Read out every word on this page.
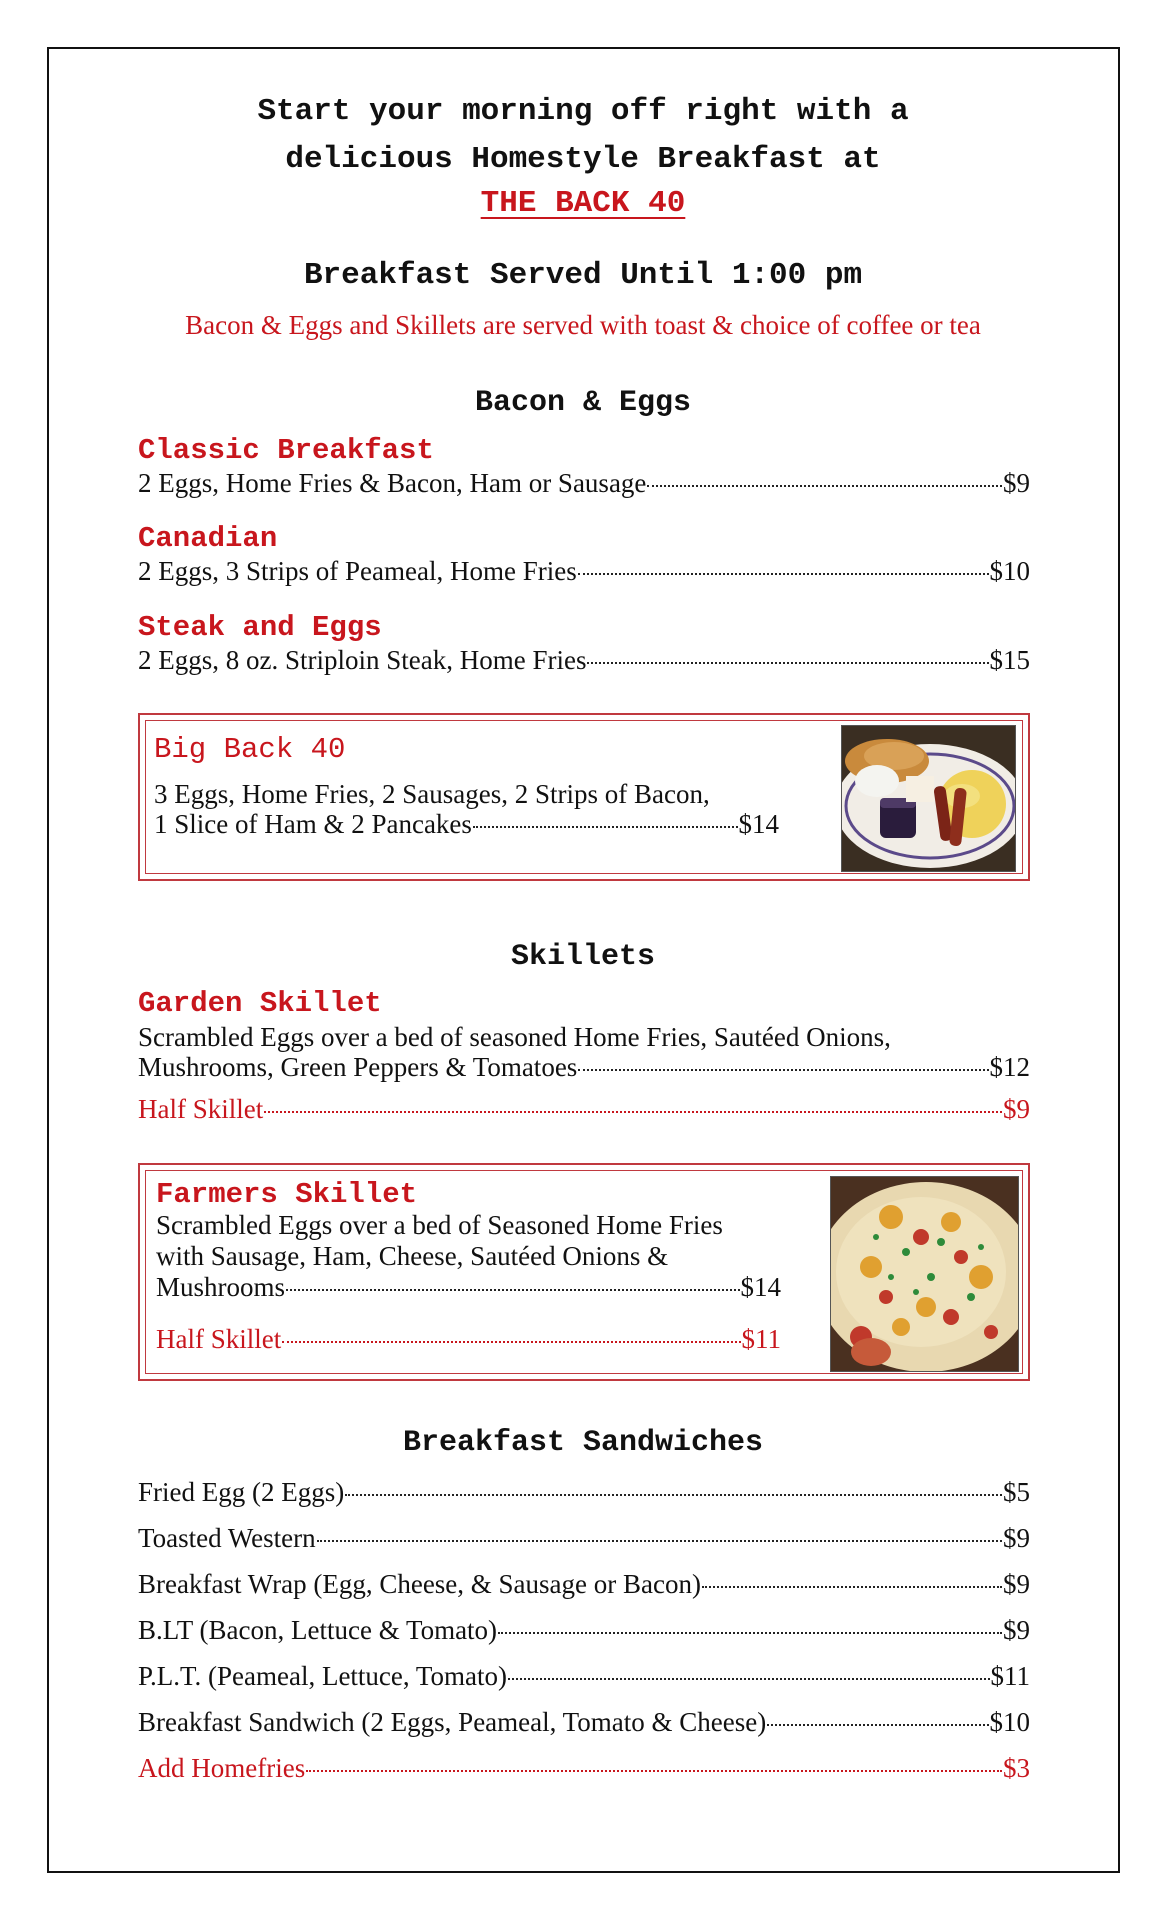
Start your morning off right with a
delicious Homestyle Breakfast at
THE BACK 40
Breakfast Served Until 1:00 pm
Bacon & Eggs and Skillets are served with toast & choice of coffee or tea
Bacon & Eggs
Classic Breakfast
2 Eggs, Home Fries & Bacon, Ham or Sausage	$9
Canadian
2 Eggs, 3 Strips of Peameal, Home Fries	$10
Steak and Eggs
2 Eggs, 8 oz. Striploin Steak, Home Fries	$15
Big Back 40
3 Eggs, Home Fries, 2 Sausages, 2 Strips of Bacon,
1 Slice of Ham & 2 Pancakes	$14
Skillets
Garden Skillet
Scrambled Eggs over a bed of seasoned Home Fries, Sautéed Onions,
Mushrooms, Green Peppers & Tomatoes	$12
Half Skillet	$9
Farmers Skillet
Scrambled Eggs over a bed of Seasoned Home Fries
with Sausage, Ham, Cheese, Sautéed Onions &
Mushrooms	$14
Half Skillet	$11
Breakfast Sandwiches
Fried Egg (2 Eggs)	$5
Toasted Western	$9
Breakfast Wrap (Egg, Cheese, & Sausage or Bacon)	$9
B.LT (Bacon, Lettuce & Tomato)	$9
P.L.T. (Peameal, Lettuce, Tomato)	$11
Breakfast Sandwich (2 Eggs, Peameal, Tomato & Cheese)	$10
Add Homefries	$3
